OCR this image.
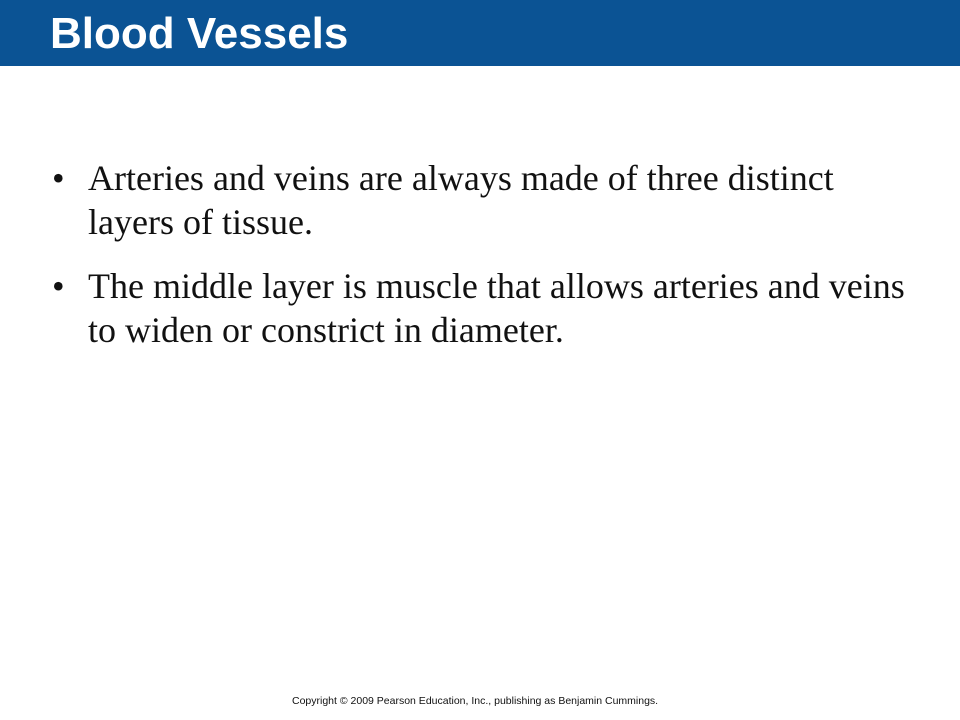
Blood Vessels
• Arteries and veins are always made of three distinct layers of tissue.
• The middle layer is muscle that allows arteries and veins to widen or constrict in diameter.

Copyright © 2009 Pearson Education, Inc., publishing as Benjamin Cummings.
